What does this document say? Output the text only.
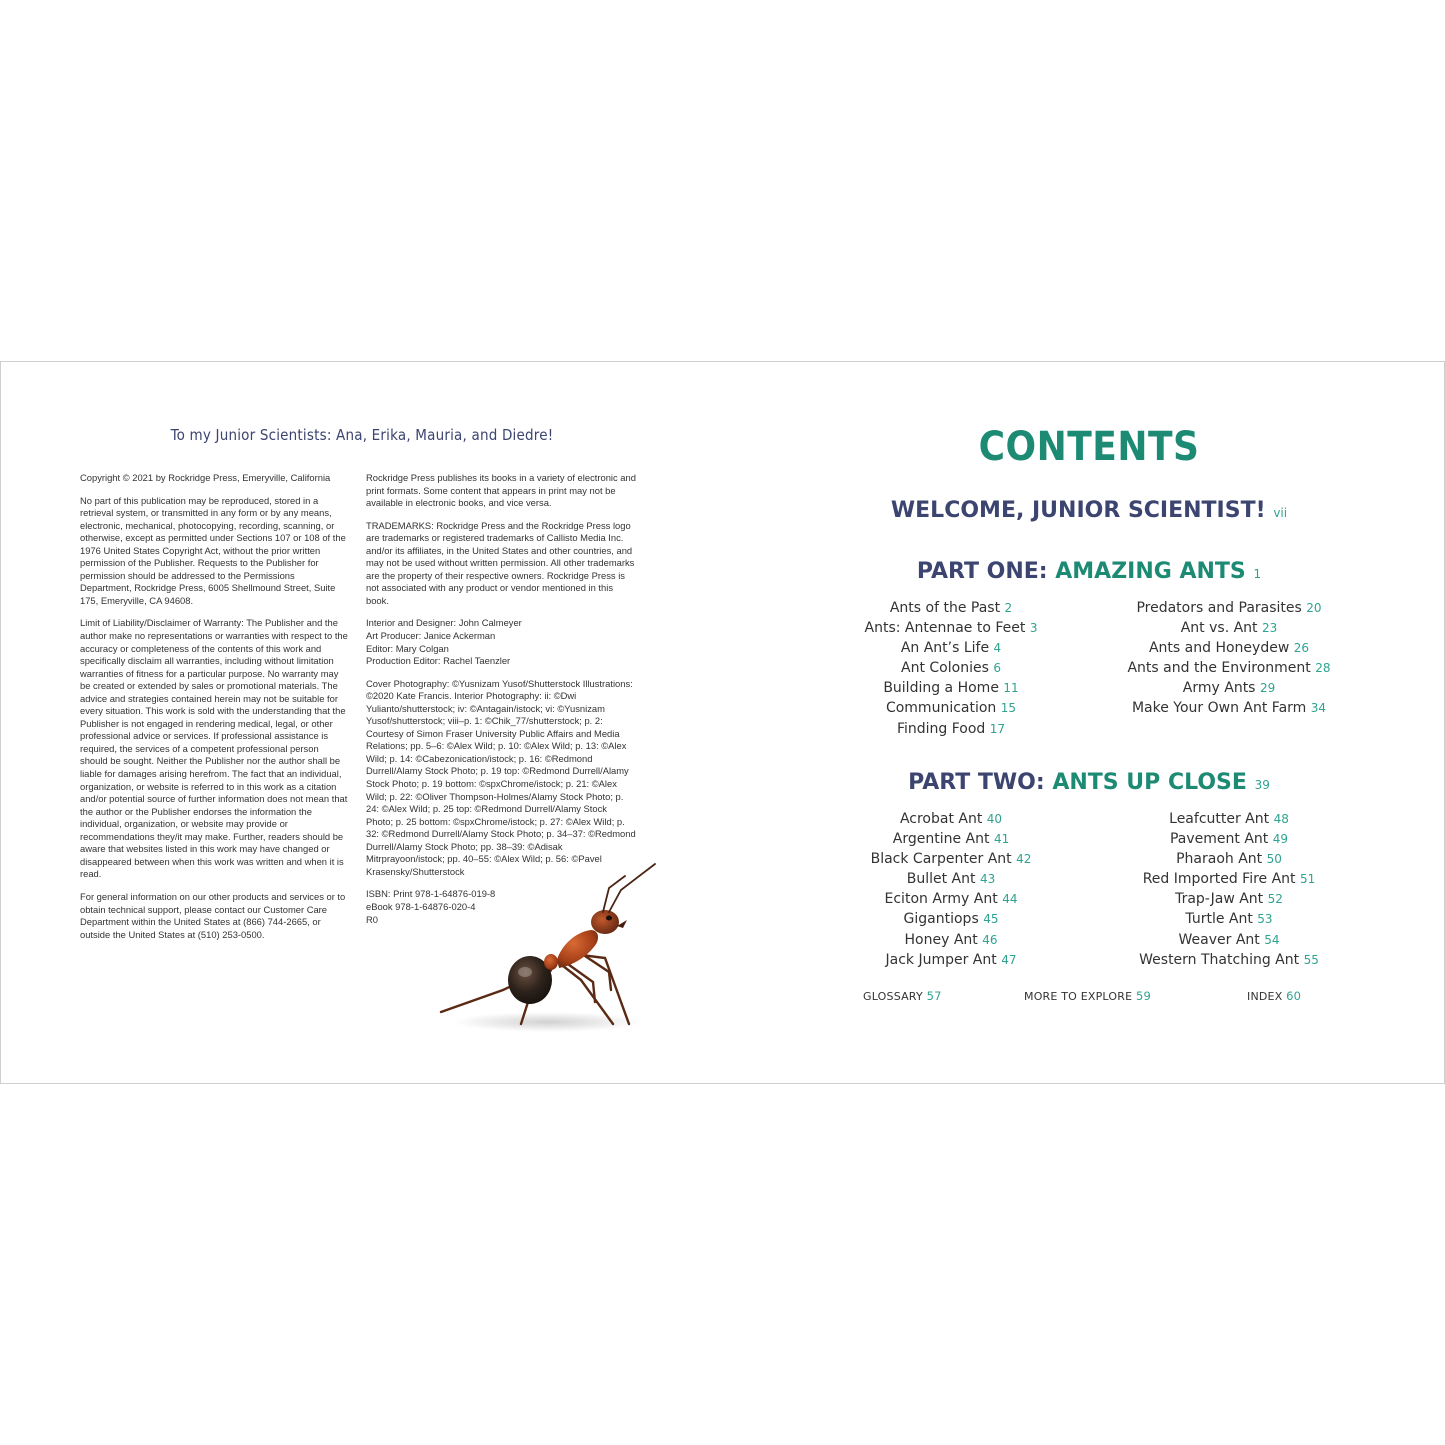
To my Junior Scientists: Ana, Erika, Mauria, and Diedre!

Copyright © 2021 by Rockridge Press, Emeryville, California

No part of this publication may be reproduced, stored in a retrieval system, or transmitted in any form or by any means, electronic, mechanical, photocopying, recording, scanning, or otherwise, except as permitted under Sections 107 or 108 of the 1976 United States Copyright Act, without the prior written permission of the Publisher. Requests to the Publisher for permission should be addressed to the Permissions Department, Rockridge Press, 6005 Shellmound Street, Suite 175, Emeryville, CA 94608.

Limit of Liability/Disclaimer of Warranty: The Publisher and the author make no representations or warranties with respect to the accuracy or completeness of the contents of this work and specifically disclaim all warranties, including without limitation warranties of fitness for a particular purpose. No warranty may be created or extended by sales or promotional materials. The advice and strategies contained herein may not be suitable for every situation. This work is sold with the understanding that the Publisher is not engaged in rendering medical, legal, or other professional advice or services. If professional assistance is required, the services of a competent professional person should be sought. Neither the Publisher nor the author shall be liable for damages arising herefrom. The fact that an individual, organization, or website is referred to in this work as a citation and/or potential source of further information does not mean that the author or the Publisher endorses the information the individual, organization, or website may provide or recommendations they/it may make. Further, readers should be aware that websites listed in this work may have changed or disappeared between when this work was written and when it is read.

For general information on our other products and services or to obtain technical support, please contact our Customer Care Department within the United States at (866) 744-2665, or outside the United States at (510) 253-0500.

Rockridge Press publishes its books in a variety of electronic and print formats. Some content that appears in print may not be available in electronic books, and vice versa.

TRADEMARKS: Rockridge Press and the Rockridge Press logo are trademarks or registered trademarks of Callisto Media Inc. and/or its affiliates, in the United States and other countries, and may not be used without written permission. All other trademarks are the property of their respective owners. Rockridge Press is not associated with any product or vendor mentioned in this book.

Interior and Designer: John Calmeyer
Art Producer: Janice Ackerman
Editor: Mary Colgan
Production Editor: Rachel Taenzler

Cover Photography: ©Yusnizam Yusof/Shutterstock Illustrations: ©2020 Kate Francis. Interior Photography: ii: ©Dwi Yulianto/shutterstock; iv: ©Antagain/istock; vi: ©Yusnizam Yusof/shutterstock; viii–p. 1: ©Chik_77/shutterstock; p. 2: Courtesy of Simon Fraser University Public Affairs and Media Relations; pp. 5–6: ©Alex Wild; p. 10: ©Alex Wild; p. 13: ©Alex Wild; p. 14: ©Cabezonication/istock; p. 16: ©Redmond Durrell/Alamy Stock Photo; p. 19 top: ©Redmond Durrell/Alamy Stock Photo; p. 19 bottom: ©spxChrome/istock; p. 21: ©Alex Wild; p. 22: ©Oliver Thompson-Holmes/Alamy Stock Photo; p. 24: ©Alex Wild; p. 25 top: ©Redmond Durrell/Alamy Stock Photo; p. 25 bottom: ©spxChrome/istock; p. 27: ©Alex Wild; p. 32: ©Redmond Durrell/Alamy Stock Photo; p. 34–37: ©Redmond Durrell/Alamy Stock Photo; pp. 38–39: ©Adisak Mitrprayoon/istock; pp. 40–55: ©Alex Wild; p. 56: ©Pavel Krasensky/Shutterstock

ISBN: Print 978-1-64876-019-8
eBook 978-1-64876-020-4
R0

CONTENTS
WELCOME, JUNIOR SCIENTIST! vii
PART ONE: AMAZING ANTS 1
Ants of the Past 2
Ants: Antennae to Feet 3
An Ant’s Life 4
Ant Colonies 6
Building a Home 11
Communication 15
Finding Food 17
Predators and Parasites 20
Ant vs. Ant 23
Ants and Honeydew 26
Ants and the Environment 28
Army Ants 29
Make Your Own Ant Farm 34
PART TWO: ANTS UP CLOSE 39
Acrobat Ant 40
Argentine Ant 41
Black Carpenter Ant 42
Bullet Ant 43
Eciton Army Ant 44
Gigantiops 45
Honey Ant 46
Jack Jumper Ant 47
Leafcutter Ant 48
Pavement Ant 49
Pharaoh Ant 50
Red Imported Fire Ant 51
Trap-Jaw Ant 52
Turtle Ant 53
Weaver Ant 54
Western Thatching Ant 55
GLOSSARY 57	MORE TO EXPLORE 59	INDEX 60
